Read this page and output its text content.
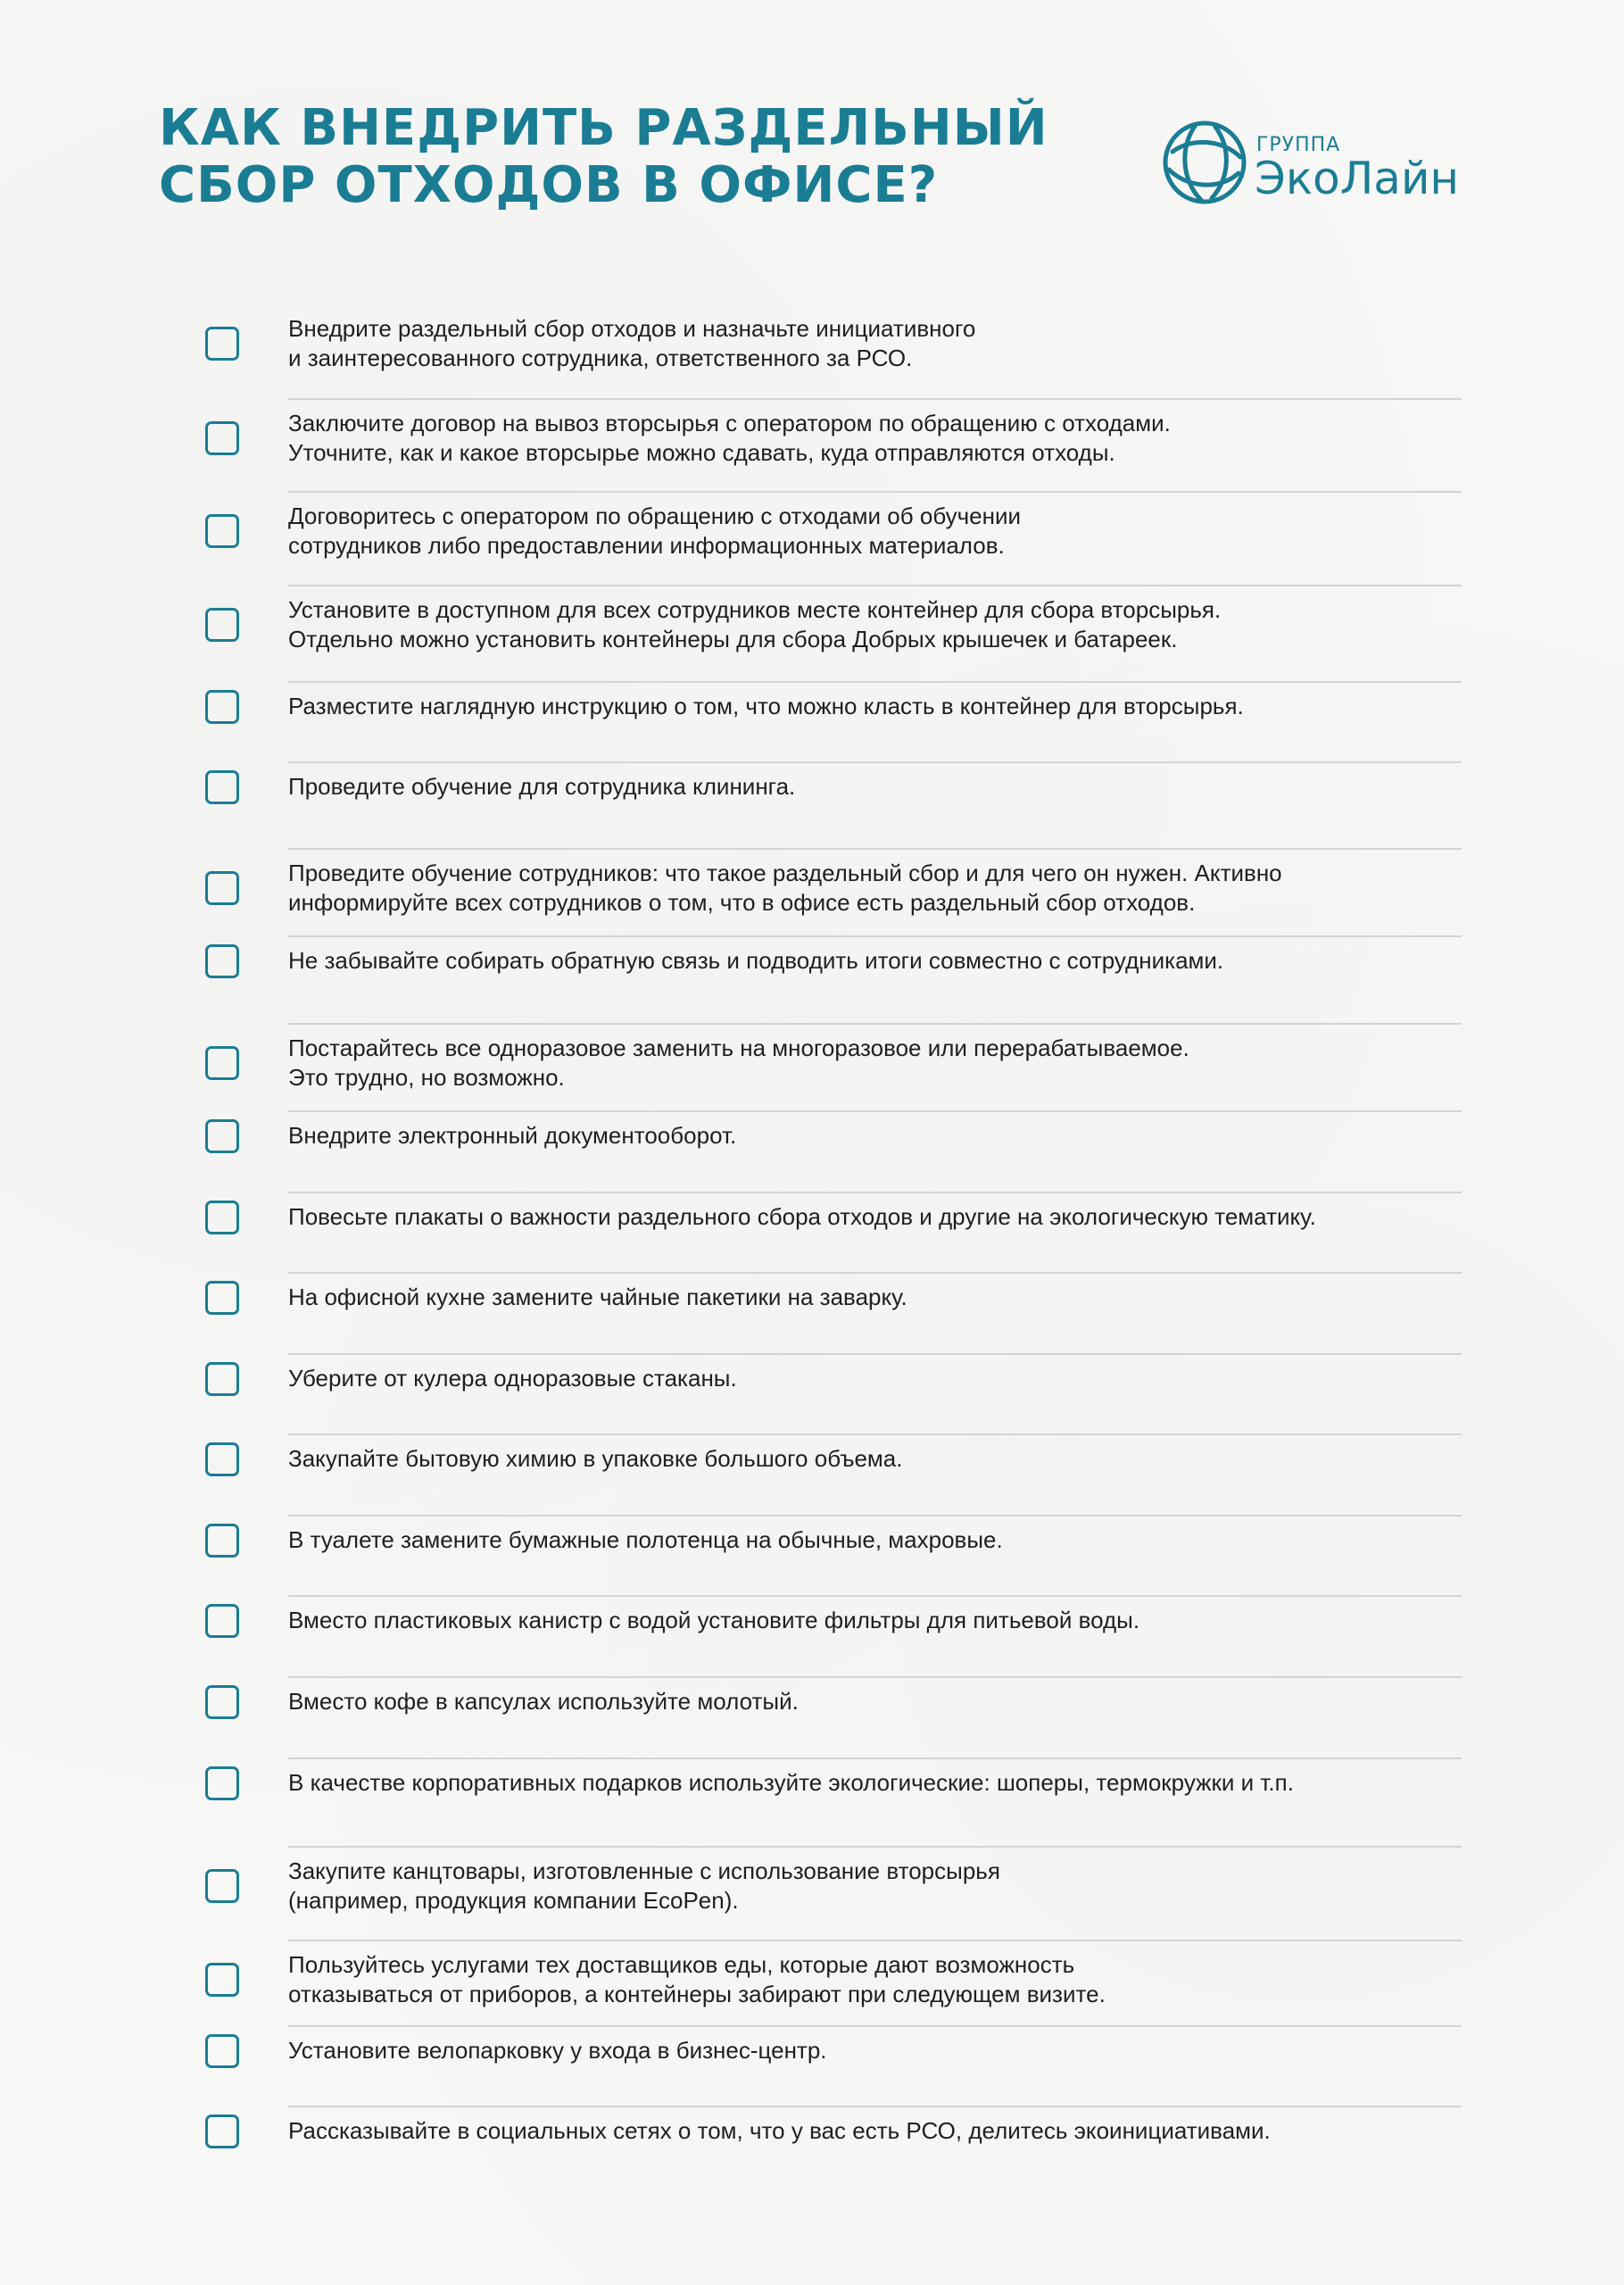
КАК ВНЕДРИТЬ РАЗДЕЛЬНЫЙ
СБОР ОТХОДОВ В ОФИСЕ?
ГРУППА
ЭкоЛайн
Внедрите раздельный сбор отходов и назначьте инициативного
и заинтересованного сотрудника, ответственного за РСО.
Заключите договор на вывоз вторсырья с оператором по обращению с отходами.
Уточните, как и какое вторсырье можно сдавать, куда отправляются отходы.
Договоритесь с оператором по обращению с отходами об обучении
сотрудников либо предоставлении информационных материалов.
Установите в доступном для всех сотрудников месте контейнер для сбора вторсырья.
Отдельно можно установить контейнеры для сбора Добрых крышечек и батареек.
Разместите наглядную инструкцию о том, что можно класть в контейнер для вторсырья.
Проведите обучение для сотрудника клининга.
Проведите обучение сотрудников: что такое раздельный сбор и для чего он нужен. Активно
информируйте всех сотрудников о том, что в офисе есть раздельный сбор отходов.
Не забывайте собирать обратную связь и подводить итоги совместно с сотрудниками.
Постарайтесь все одноразовое заменить на многоразовое или перерабатываемое.
Это трудно, но возможно.
Внедрите электронный документооборот.
Повесьте плакаты о важности раздельного сбора отходов и другие на экологическую тематику.
На офисной кухне замените чайные пакетики на заварку.
Уберите от кулера одноразовые стаканы.
Закупайте бытовую химию в упаковке большого объема.
В туалете замените бумажные полотенца на обычные, махровые.
Вместо пластиковых канистр с водой установите фильтры для питьевой воды.
Вместо кофе в капсулах используйте молотый.
В качестве корпоративных подарков используйте экологические: шоперы, термокружки и т.п.
Закупите канцтовары, изготовленные с использование вторсырья
(например, продукция компании EcoPen).
Пользуйтесь услугами тех доставщиков еды, которые дают возможность
отказываться от приборов, а контейнеры забирают при следующем визите.
Установите велопарковку у входа в бизнес-центр.
Рассказывайте в социальных сетях о том, что у вас есть РСО, делитесь экоинициативами.
